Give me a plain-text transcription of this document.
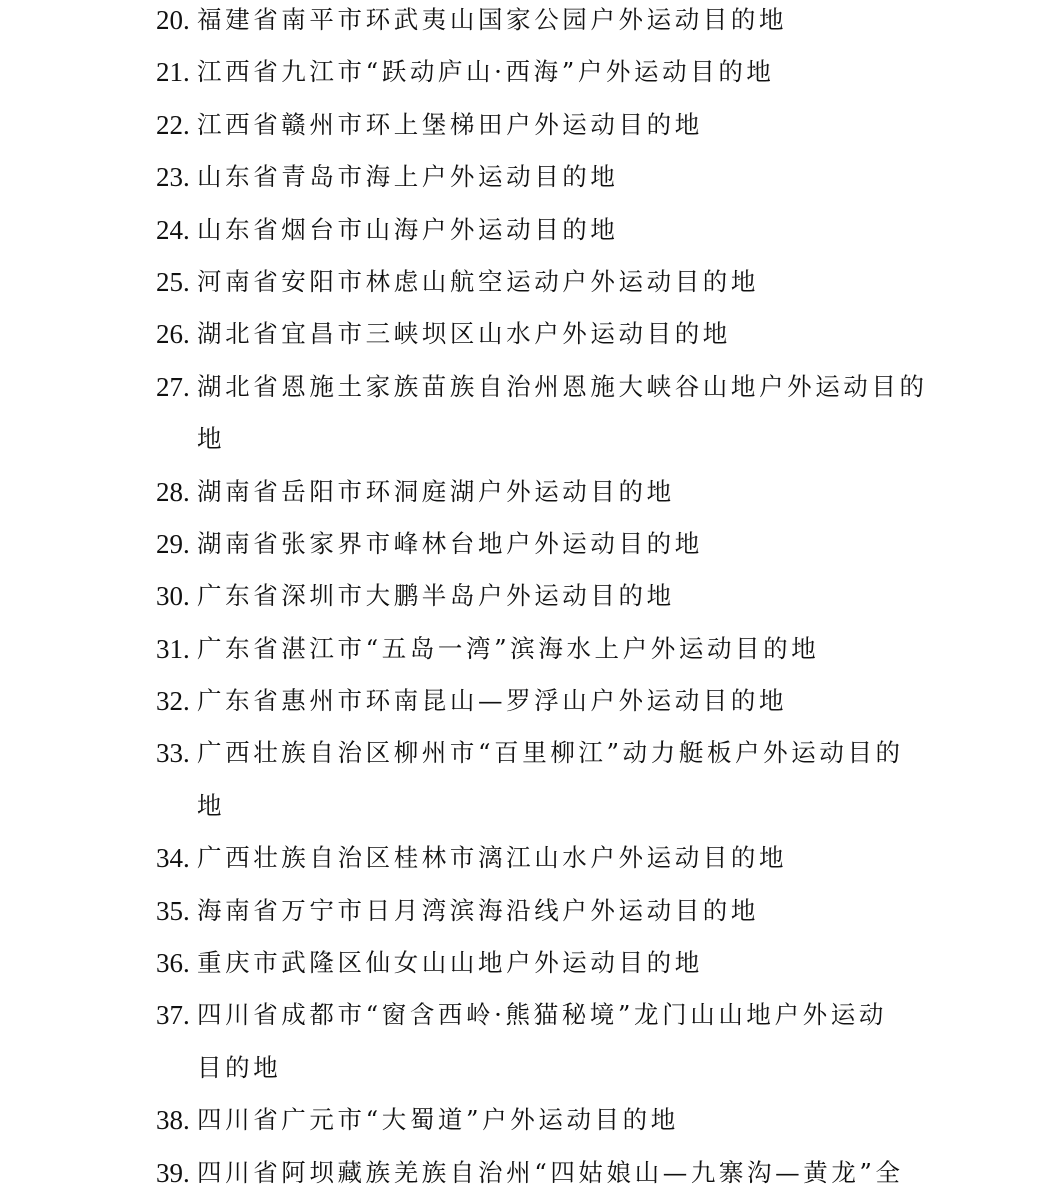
20. 福建省南平市环武夷山国家公园户外运动目的地
21. 江西省九江市“跃动庐山·西海”户外运动目的地
22. 江西省赣州市环上堡梯田户外运动目的地
23. 山东省青岛市海上户外运动目的地
24. 山东省烟台市山海户外运动目的地
25. 河南省安阳市林虑山航空运动户外运动目的地
26. 湖北省宜昌市三峡坝区山水户外运动目的地
27. 湖北省恩施土家族苗族自治州恩施大峡谷山地户外运动目的
地
28. 湖南省岳阳市环洞庭湖户外运动目的地
29. 湖南省张家界市峰林台地户外运动目的地
30. 广东省深圳市大鹏半岛户外运动目的地
31. 广东省湛江市“五岛一湾”滨海水上户外运动目的地
32. 广东省惠州市环南昆山—罗浮山户外运动目的地
33. 广西壮族自治区柳州市“百里柳江”动力艇板户外运动目的
地
34. 广西壮族自治区桂林市漓江山水户外运动目的地
35. 海南省万宁市日月湾滨海沿线户外运动目的地
36. 重庆市武隆区仙女山山地户外运动目的地
37. 四川省成都市“窗含西岭·熊猫秘境”龙门山山地户外运动
目的地
38. 四川省广元市“大蜀道”户外运动目的地
39. 四川省阿坝藏族羌族自治州“四姑娘山—九寨沟—黄龙”全
